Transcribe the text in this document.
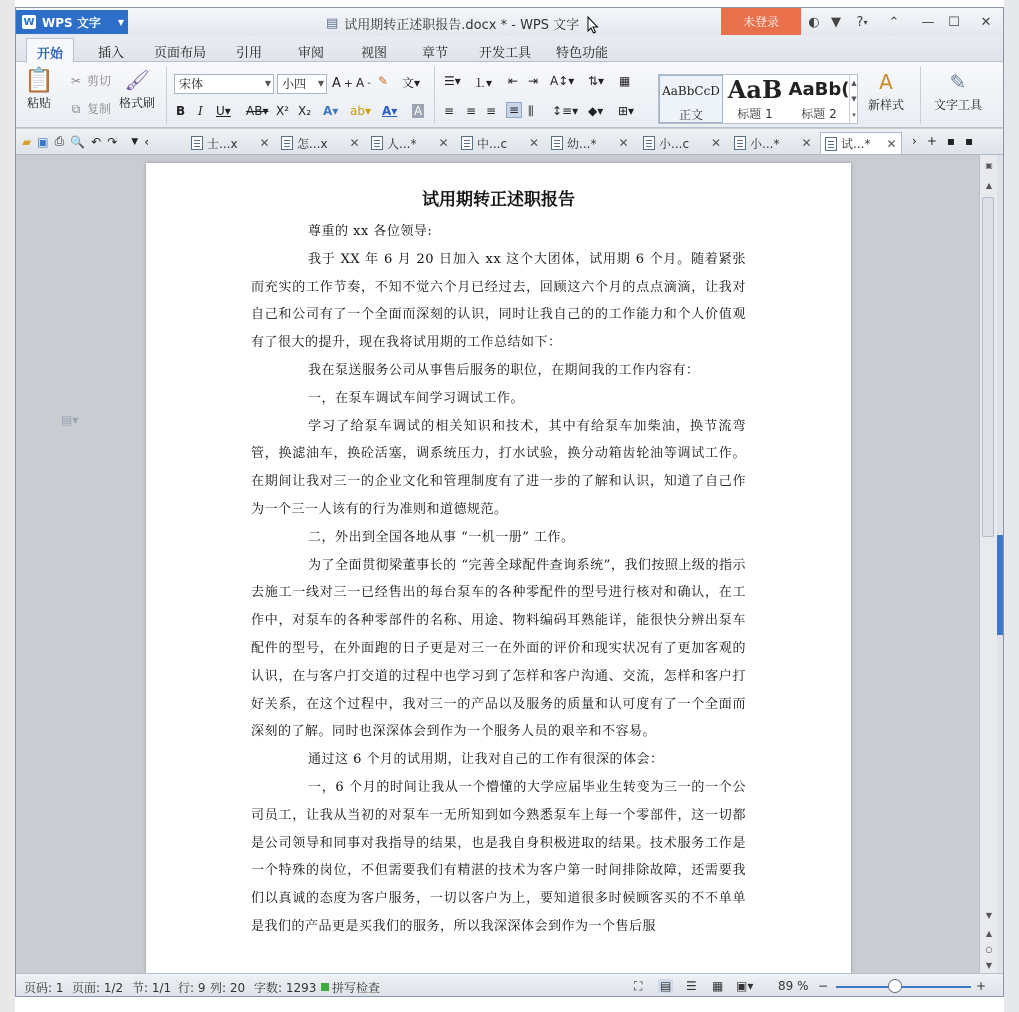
W WPS 文字 ▼	▤ 试用期转正述职报告.docx * - WPS 文字	未登录	◐ ▼	? ▾	⌃	—	☐	✕
开始	插入	页面布局	引用	审阅	视图	章节	开发工具	特色功能
📋
粘贴
✂ 剪切
⧉ 复制
🖌
格式刷
宋体	▼ 小四 ▼ A + A - ✎ 文▾
B I U▾ AB▾ X² X₂ A▾ ab▾ A▾ A
☰▾ ⒈▾ ⇤ ⇥ A↕▾ ⇅▾ ▦
≡ ≡ ≡ ≡ ⫼ ↕≡▾ ◆▾ ⊞▾
AaBbCcD
正文
AaB
标题 1
AaBb(
标题 2
▲
▼
▾
A
新样式
✎
文字工具
▰ ▣ ⎙ 🔍 ↶ ↷ ▼ ‹	士...x ✕ 怎...x ✕ 人...* ✕ 中...c ✕ 幼...* ✕	小...c ✕ 小...* ✕ 试...* ✕ › + ▪ ▪
试用期转正述职报告

尊重的 xx 各位领导:

我于 XX 年 6 月 20 日加入 xx 这个大团体，试用期 6 个月。随着紧张而充实的工作节奏，不知不觉六个月已经过去，回顾这六个月的点点滴滴，让我对自己和公司有了一个全面而深刻的认识，同时让我自己的的工作能力和个人价值观有了很大的提升，现在我将试用期的工作总结如下：

我在泵送服务公司从事售后服务的职位，在期间我的工作内容有：

一，在泵车调试车间学习调试工作。

学习了给泵车调试的相关知识和技术，其中有给泵车加柴油，换节流弯管，换滤油车，换砼活塞，调系统压力，打水试验，换分动箱齿轮油等调试工作。在期间让我对三一的企业文化和管理制度有了进一步的了解和认识，知道了自己作为一个三一人该有的行为准则和道德规范。

二，外出到全国各地从事 “一机一册” 工作。

为了全面贯彻梁董事长的 “完善全球配件查询系统”，我们按照上级的指示去施工一线对三一已经售出的每台泵车的各种零配件的型号进行核对和确认，在工作中，对泵车的各种零部件的名称、用途、物料编码耳熟能详，能很快分辨出泵车配件的型号，在外面跑的日子更是对三一在外面的评价和现实状况有了更加客观的认识，在与客户打交道的过程中也学习到了怎样和客户沟通、交流，怎样和客户打好关系，在这个过程中，我对三一的产品以及服务的质量和认可度有了一个全面而深刻的了解。同时也深深体会到作为一个服务人员的艰辛和不容易。

通过这 6 个月的试用期，让我对自己的工作有很深的体会：

一，6 个月的时间让我从一个懵懂的大学应届毕业生转变为三一的一个公司员工，让我从当初的对泵车一无所知到如今熟悉泵车上每一个零部件，这一切都是公司领导和同事对我指导的结果，也是我自身积极进取的结果。技术服务工作是一个特殊的岗位，不但需要我们有精湛的技术为客户第一时间排除故障，还需要我们以真诚的态度为客户服务，一切以客户为上，要知道很多时候顾客买的不不单单是我们的产品更是买我们的服务，所以我深深体会到作为一个售后服

▤▾
▣
▲
▼
▲
○
▼
页码: 1 页面: 1/2 节: 1/1 行: 9 列: 20 字数: 1293 拼写检查	⛶ ▤ ☰ ▦ ▣▾ 89 % −	+
